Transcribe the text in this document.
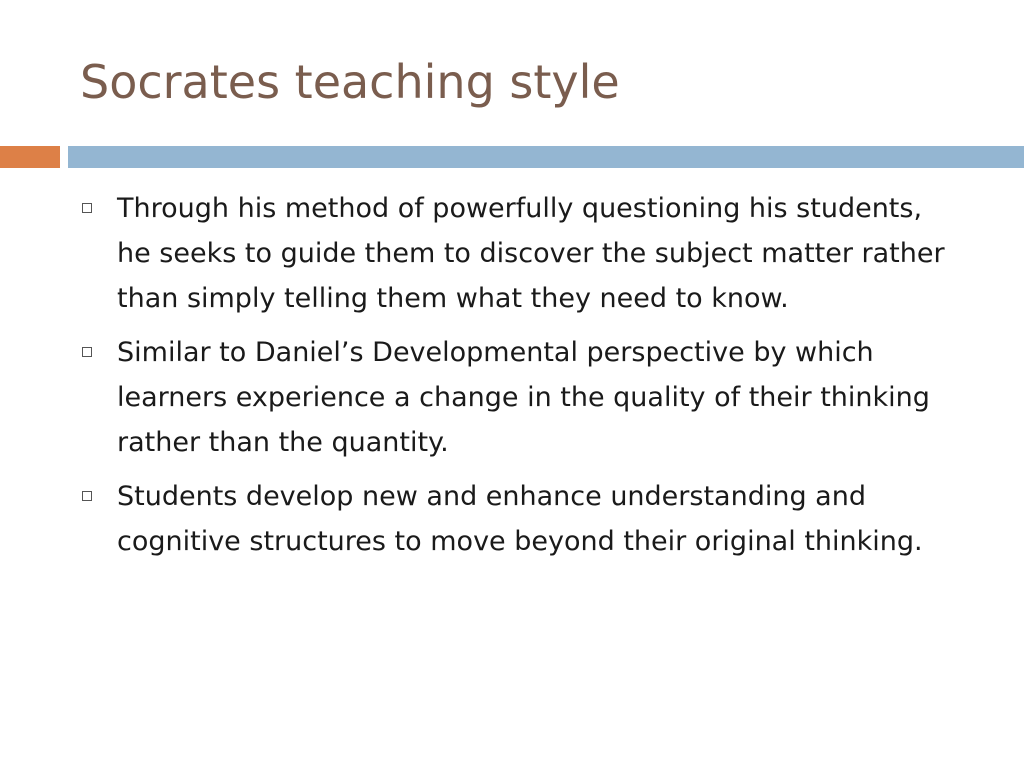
Socrates teaching style
Through his method of powerfully questioning his students, he seeks to guide them to discover the subject matter rather than simply telling them what they need to know.
Similar to Daniel’s Developmental perspective by which learners experience a change in the quality of their thinking rather than the quantity.
Students develop new and enhance understanding and cognitive structures to move beyond their original thinking.
